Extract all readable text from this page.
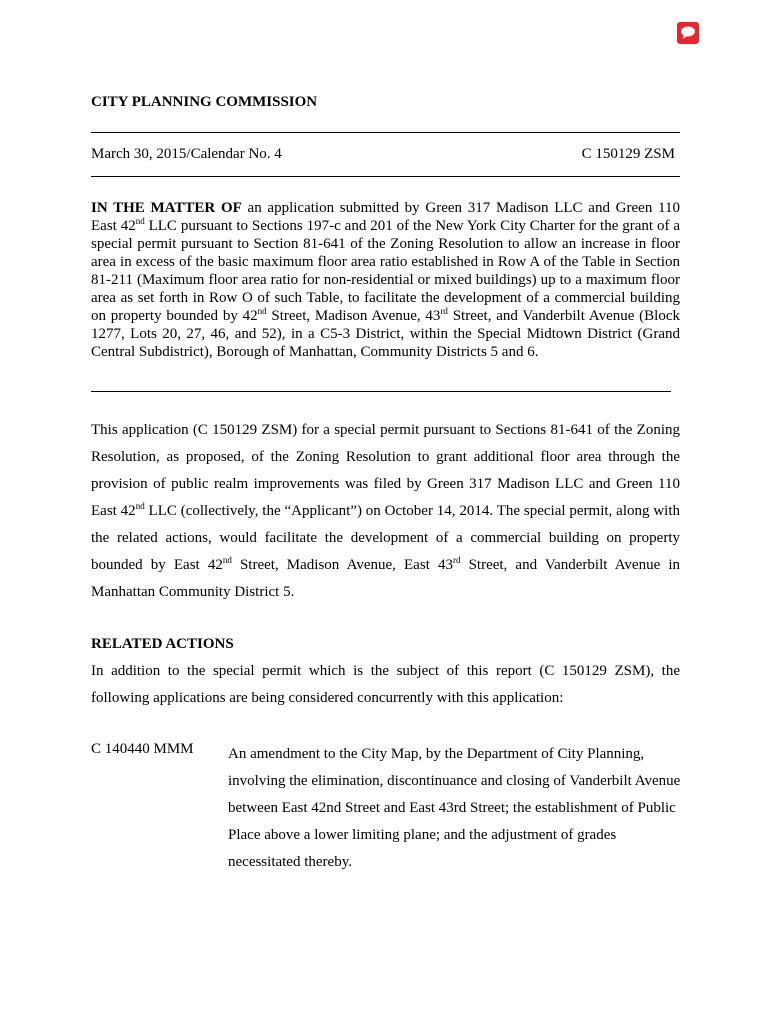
CITY PLANNING COMMISSION
March 30, 2015/Calendar No. 4	C 150129 ZSM
IN THE MATTER OF an application submitted by Green 317 Madison LLC and Green 110 East 42nd LLC pursuant to Sections 197-c and 201 of the New York City Charter for the grant of a special permit pursuant to Section 81-641 of the Zoning Resolution to allow an increase in floor area in excess of the basic maximum floor area ratio established in Row A of the Table in Section 81-211 (Maximum floor area ratio for non-residential or mixed buildings) up to a maximum floor area as set forth in Row O of such Table, to facilitate the development of a commercial building on property bounded by 42nd Street, Madison Avenue, 43rd Street, and Vanderbilt Avenue (Block 1277, Lots 20, 27, 46, and 52), in a C5-3 District, within the Special Midtown District (Grand Central Subdistrict), Borough of Manhattan, Community Districts 5 and 6.
This application (C 150129 ZSM) for a special permit pursuant to Sections 81-641 of the Zoning Resolution, as proposed, of the Zoning Resolution to grant additional floor area through the provision of public realm improvements was filed by Green 317 Madison LLC and Green 110 East 42nd LLC (collectively, the “Applicant”) on October 14, 2014. The special permit, along with the related actions, would facilitate the development of a commercial building on property bounded by East 42nd Street, Madison Avenue, East 43rd Street, and Vanderbilt Avenue in Manhattan Community District 5.
RELATED ACTIONS
In addition to the special permit which is the subject of this report (C 150129 ZSM), the following applications are being considered concurrently with this application:
C 140440 MMM An amendment to the City Map, by the Department of City Planning, involving the elimination, discontinuance and closing of Vanderbilt Avenue between East 42nd Street and East 43rd Street; the establishment of Public Place above a lower limiting plane; and the adjustment of grades necessitated thereby.
